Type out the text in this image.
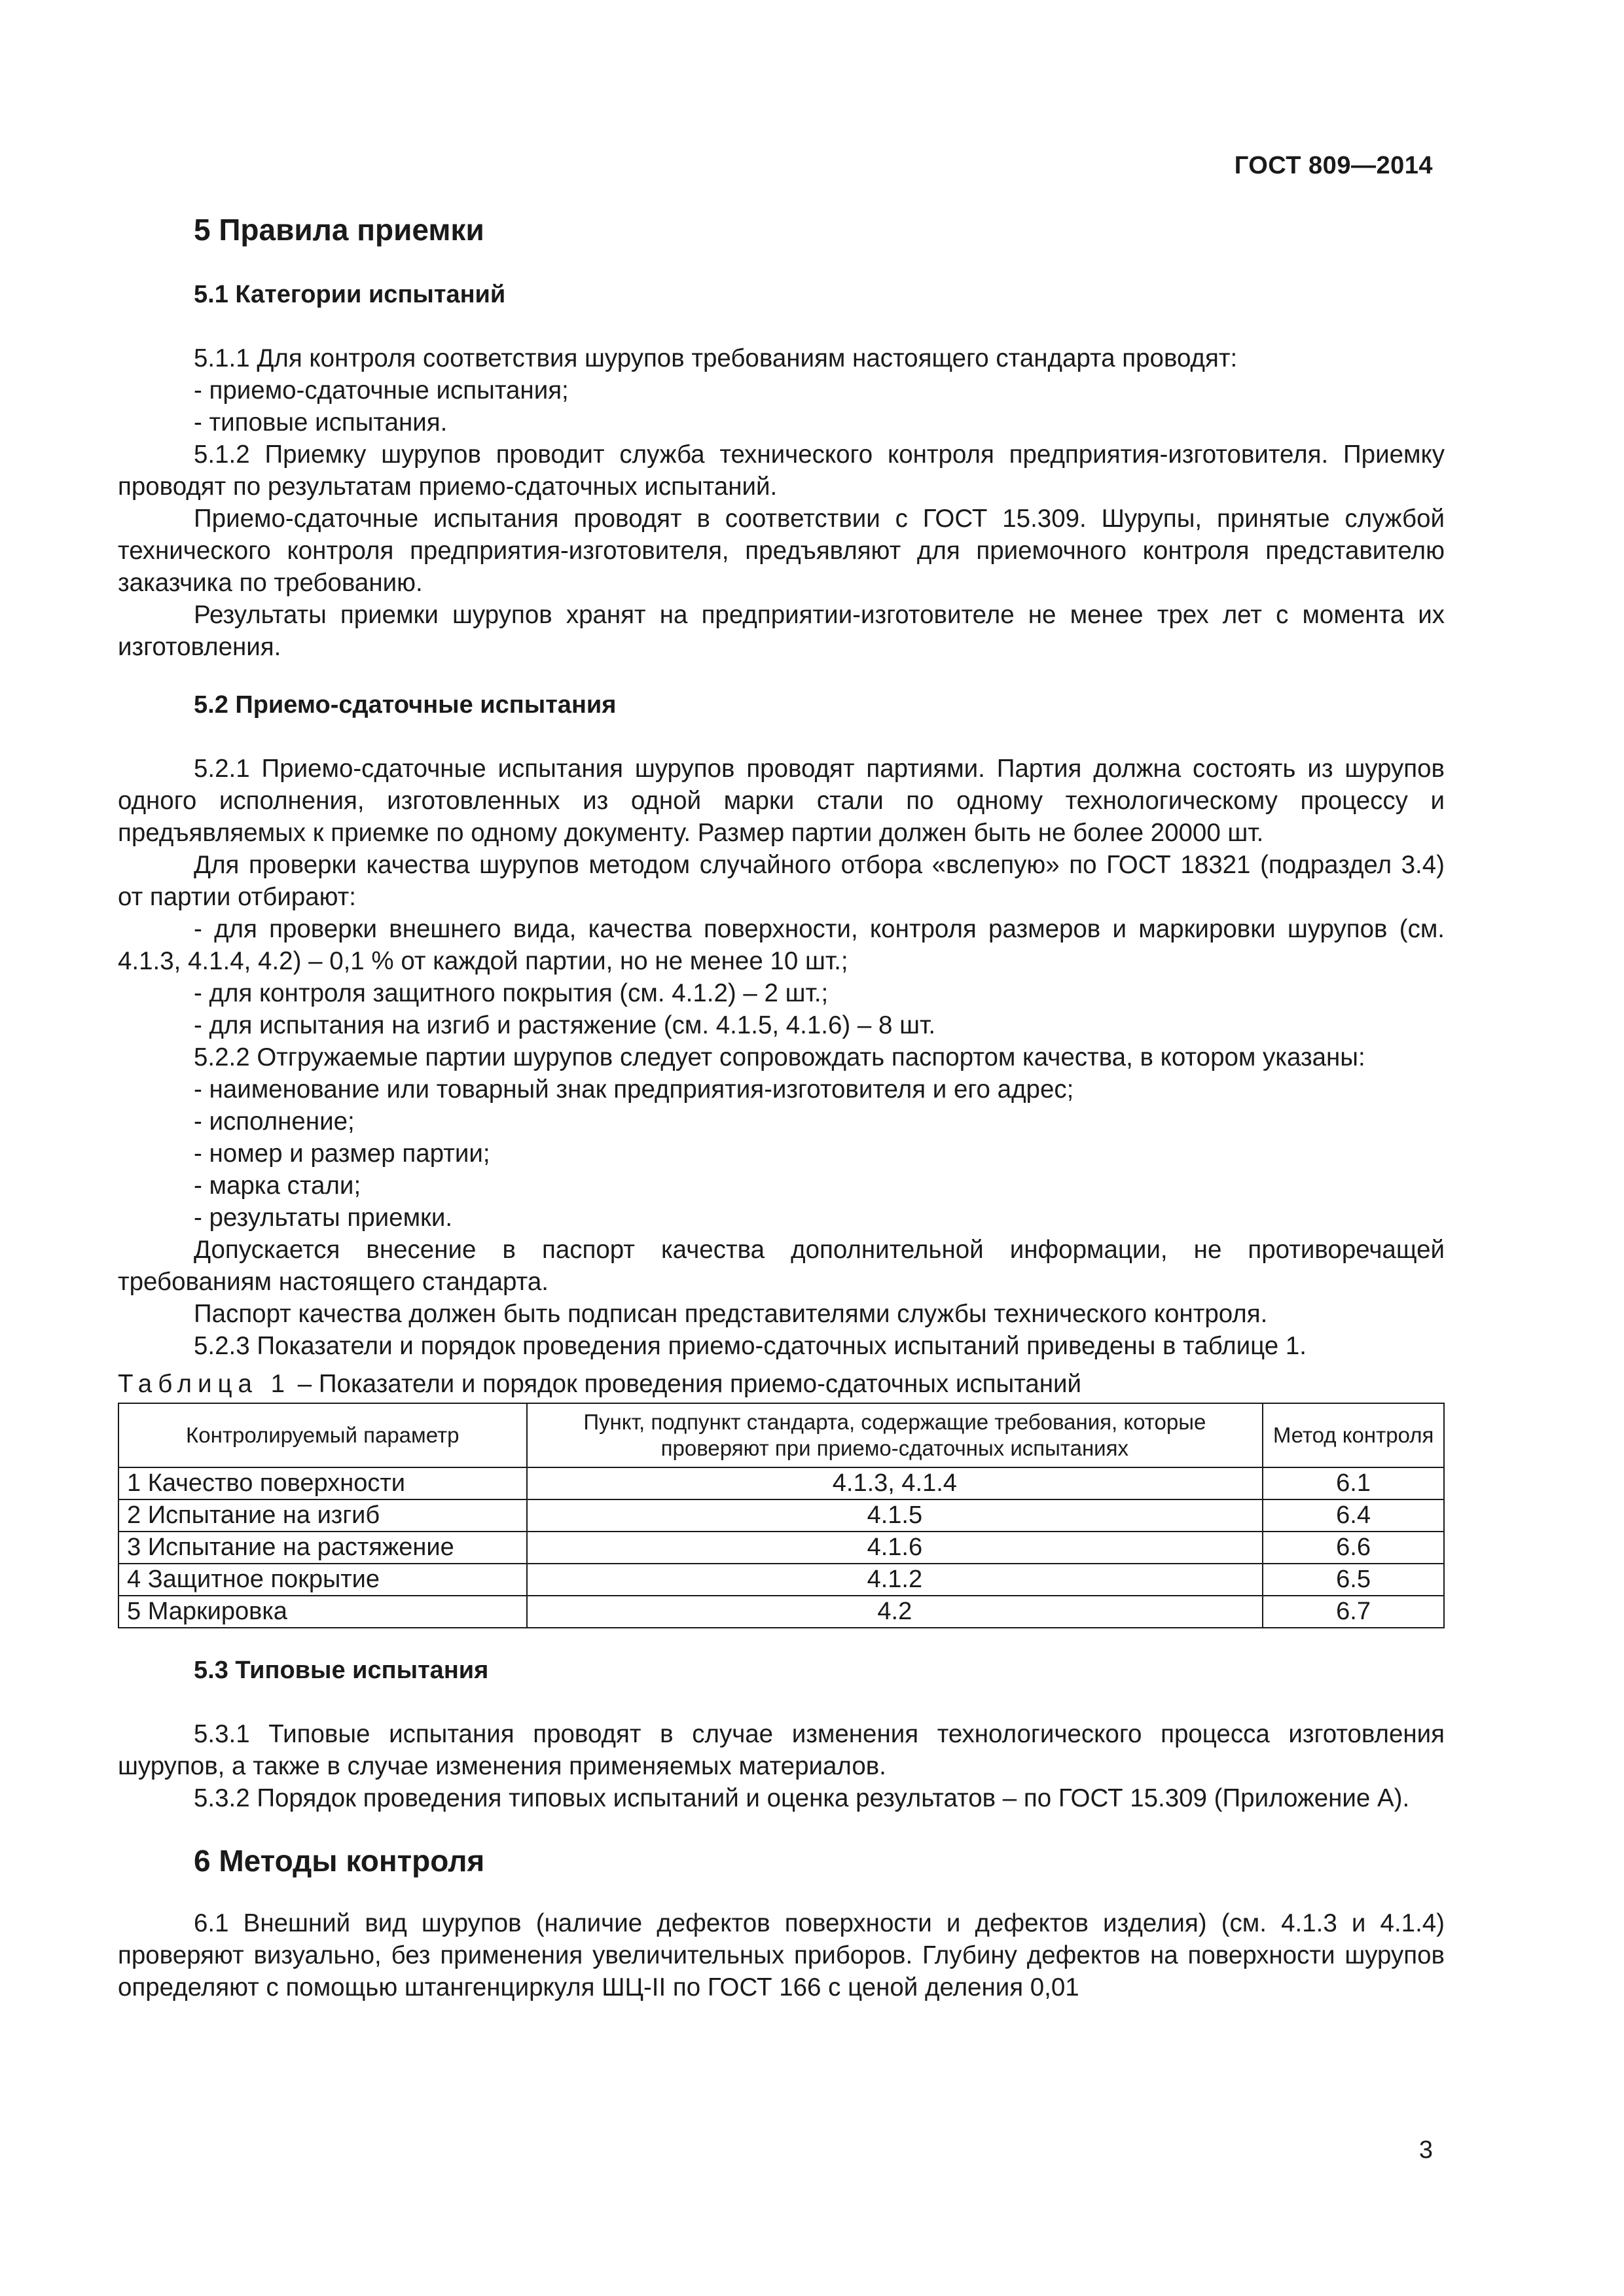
ГОСТ 809—2014
5 Правила приемки
5.1 Категории испытаний

5.1.1 Для контроля соответствия шурупов требованиям настоящего стандарта проводят:

- приемо-сдаточные испытания;

- типовые испытания.

5.1.2 Приемку шурупов проводит служба технического контроля предприятия-изготовителя. Приемку проводят по результатам приемо-сдаточных испытаний.

Приемо-сдаточные испытания проводят в соответствии с ГОСТ 15.309. Шурупы, принятые службой технического контроля предприятия-изготовителя, предъявляют для приемочного контроля представителю заказчика по требованию.

Результаты приемки шурупов хранят на предприятии-изготовителе не менее трех лет с момента их изготовления.

5.2 Приемо-сдаточные испытания

5.2.1 Приемо-сдаточные испытания шурупов проводят партиями. Партия должна состоять из шурупов одного исполнения, изготовленных из одной марки стали по одному технологическому процессу и предъявляемых к приемке по одному документу. Размер партии должен быть не более 20000 шт.

Для проверки качества шурупов методом случайного отбора «вслепую» по ГОСТ 18321 (подраздел 3.4) от партии отбирают:

- для проверки внешнего вида, качества поверхности, контроля размеров и маркировки шурупов (см. 4.1.3, 4.1.4, 4.2) – 0,1 % от каждой партии, но не менее 10 шт.;

- для контроля защитного покрытия (см. 4.1.2) – 2 шт.;

- для испытания на изгиб и растяжение (см. 4.1.5, 4.1.6) – 8 шт.

5.2.2 Отгружаемые партии шурупов следует сопровождать паспортом качества, в котором указаны:

- наименование или товарный знак предприятия-изготовителя и его адрес;

- исполнение;

- номер и размер партии;

- марка стали;

- результаты приемки.

Допускается внесение в паспорт качества дополнительной информации, не противоречащей требованиям настоящего стандарта.

Паспорт качества должен быть подписан представителями службы технического контроля.

5.2.3 Показатели и порядок проведения приемо-сдаточных испытаний приведены в таблице 1.

Таблица 1 – Показатели и порядок проведения приемо-сдаточных испытаний
Контролируемый параметр	Пункт, подпункт стандарта, содержащие требования, которые проверяют при приемо-сдаточных испытаниях	Метод контроля
1 Качество поверхности	4.1.3, 4.1.4	6.1
2 Испытание на изгиб	4.1.5	6.4
3 Испытание на растяжение	4.1.6	6.6
4 Защитное покрытие	4.1.2	6.5
5 Маркировка	4.2	6.7
5.3 Типовые испытания

5.3.1 Типовые испытания проводят в случае изменения технологического процесса изготовления шурупов, а также в случае изменения применяемых материалов.

5.3.2 Порядок проведения типовых испытаний и оценка результатов – по ГОСТ 15.309 (Приложение А).

6 Методы контроля

6.1 Внешний вид шурупов (наличие дефектов поверхности и дефектов изделия) (см. 4.1.3 и 4.1.4) проверяют визуально, без применения увеличительных приборов. Глубину дефектов на поверхности шурупов определяют с помощью штангенциркуля ШЦ-II по ГОСТ 166 с ценой деления 0,01

3
